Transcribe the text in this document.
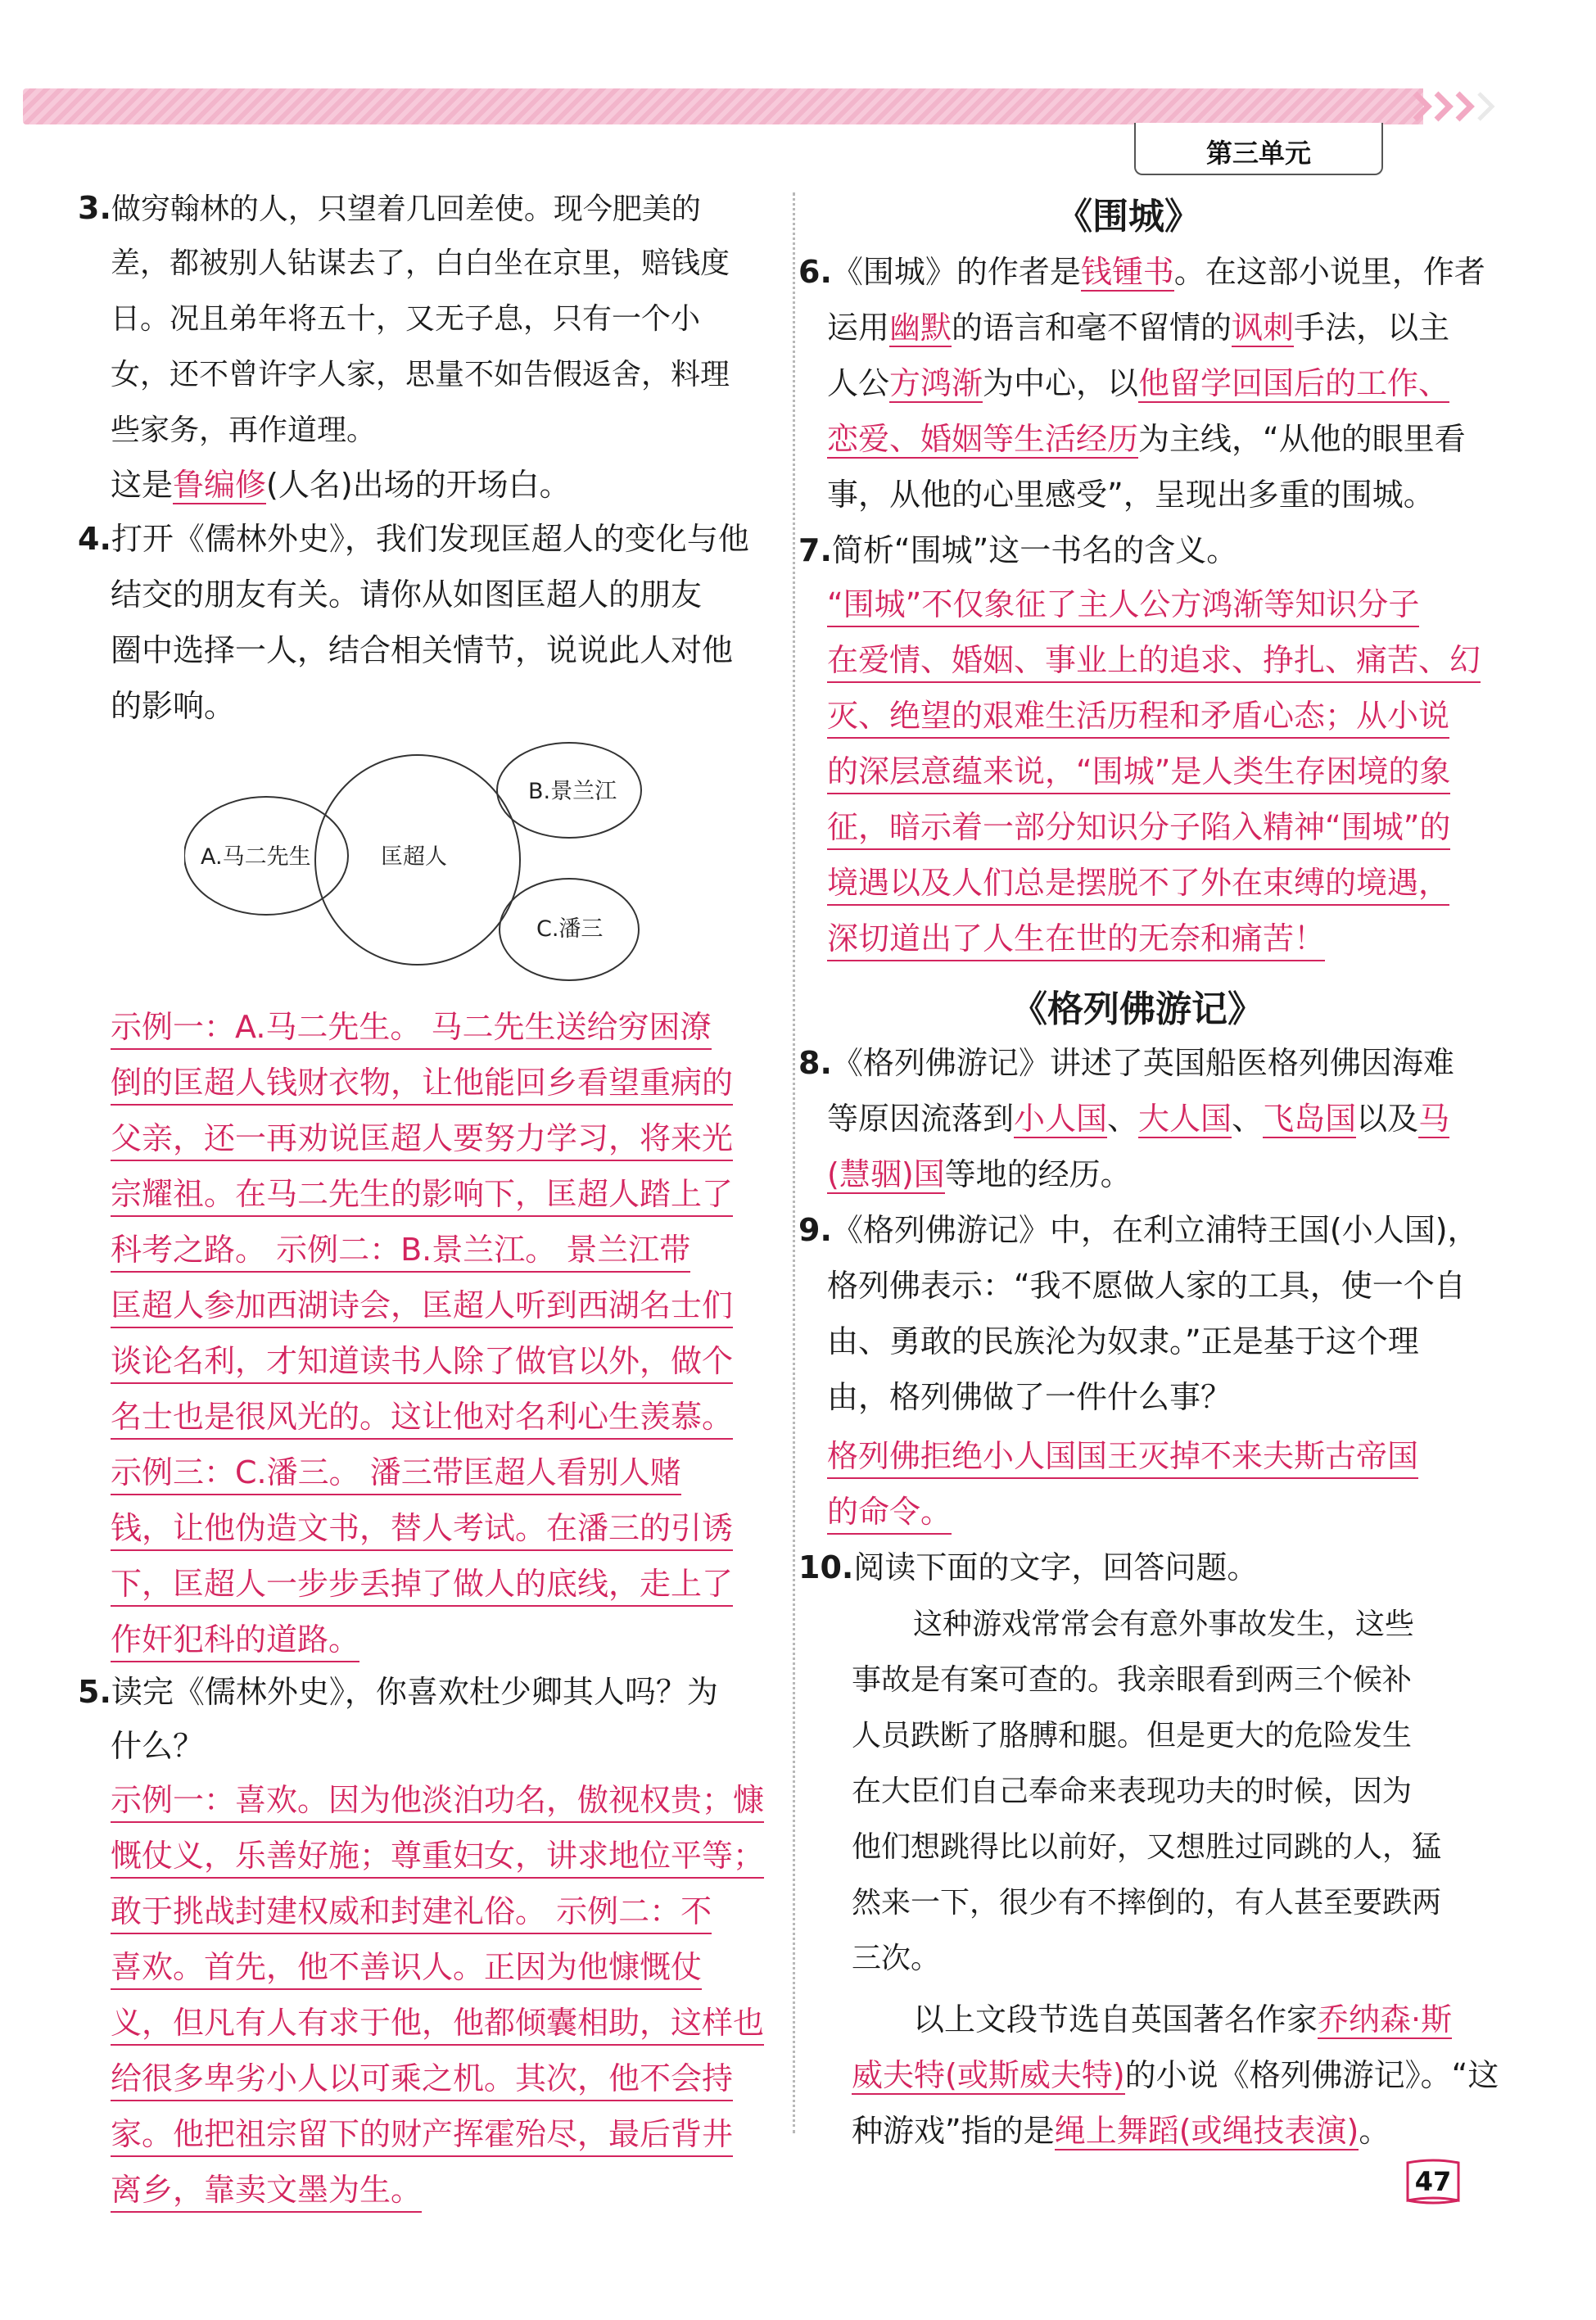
第三单元
3.做穷翰林的人，只望着几回差使。现今肥美的
差，都被别人钻谋去了，白白坐在京里，赔钱度
日。况且弟年将五十，又无子息，只有一个小
女，还不曾许字人家，思量不如告假返舍，料理
些家务，再作道理。
这是鲁编修(人名)出场的开场白。
4.打开《儒林外史》，我们发现匡超人的变化与他
结交的朋友有关。请你从如图匡超人的朋友
圈中选择一人，结合相关情节，说说此人对他
的影响。
A.马二先生	匡超人
B.景兰江
C.潘三
示例一：A.马二先生。 马二先生送给穷困潦
倒的匡超人钱财衣物，让他能回乡看望重病的
父亲，还一再劝说匡超人要努力学习，将来光
宗耀祖。在马二先生的影响下，匡超人踏上了
科考之路。 示例二：B.景兰江。 景兰江带
匡超人参加西湖诗会，匡超人听到西湖名士们
谈论名利，才知道读书人除了做官以外，做个
名士也是很风光的。这让他对名利心生羡慕。
示例三：C.潘三。 潘三带匡超人看别人赌
钱，让他伪造文书，替人考试。在潘三的引诱
下，匡超人一步步丢掉了做人的底线，走上了
作奸犯科的道路。
5.读完《儒林外史》，你喜欢杜少卿其人吗？为
什么？
示例一：喜欢。因为他淡泊功名，傲视权贵；慷
慨仗义，乐善好施；尊重妇女，讲求地位平等；
敢于挑战封建权威和封建礼俗。 示例二：不
喜欢。首先，他不善识人。正因为他慷慨仗
义，但凡有人有求于他，他都倾囊相助，这样也
给很多卑劣小人以可乘之机。其次，他不会持
家。他把祖宗留下的财产挥霍殆尽，最后背井
离乡，靠卖文墨为生。
《围城》
6.《围城》的作者是钱锺书。在这部小说里，作者
运用幽默的语言和毫不留情的讽刺手法，以主
人公方鸿渐为中心，以他留学回国后的工作、
恋爱、婚姻等生活经历为主线，“从他的眼里看
事，从他的心里感受”，呈现出多重的围城。
7.简析“围城”这一书名的含义。
“围城”不仅象征了主人公方鸿渐等知识分子
在爱情、婚姻、事业上的追求、挣扎、痛苦、幻
灭、绝望的艰难生活历程和矛盾心态；从小说
的深层意蕴来说，“围城”是人类生存困境的象
征，暗示着一部分知识分子陷入精神“围城”的
境遇以及人们总是摆脱不了外在束缚的境遇，
深切道出了人生在世的无奈和痛苦！
《格列佛游记》
8.《格列佛游记》讲述了英国船医格列佛因海难
等原因流落到小人国、大人国、飞岛国以及马
(慧骃)国等地的经历。
9.《格列佛游记》中，在利立浦特王国(小人国)，
格列佛表示：“我不愿做人家的工具，使一个自
由、勇敢的民族沦为奴隶。”正是基于这个理
由，格列佛做了一件什么事？
格列佛拒绝小人国国王灭掉不来夫斯古帝国
的命令。
10.阅读下面的文字，回答问题。
这种游戏常常会有意外事故发生，这些
事故是有案可查的。我亲眼看到两三个候补
人员跌断了胳膊和腿。但是更大的危险发生
在大臣们自己奉命来表现功夫的时候，因为
他们想跳得比以前好，又想胜过同跳的人，猛
然来一下，很少有不摔倒的，有人甚至要跌两
三次。
以上文段节选自英国著名作家乔纳森·斯
威夫特(或斯威夫特)的小说《格列佛游记》。“这
种游戏”指的是绳上舞蹈(或绳技表演)。
47
